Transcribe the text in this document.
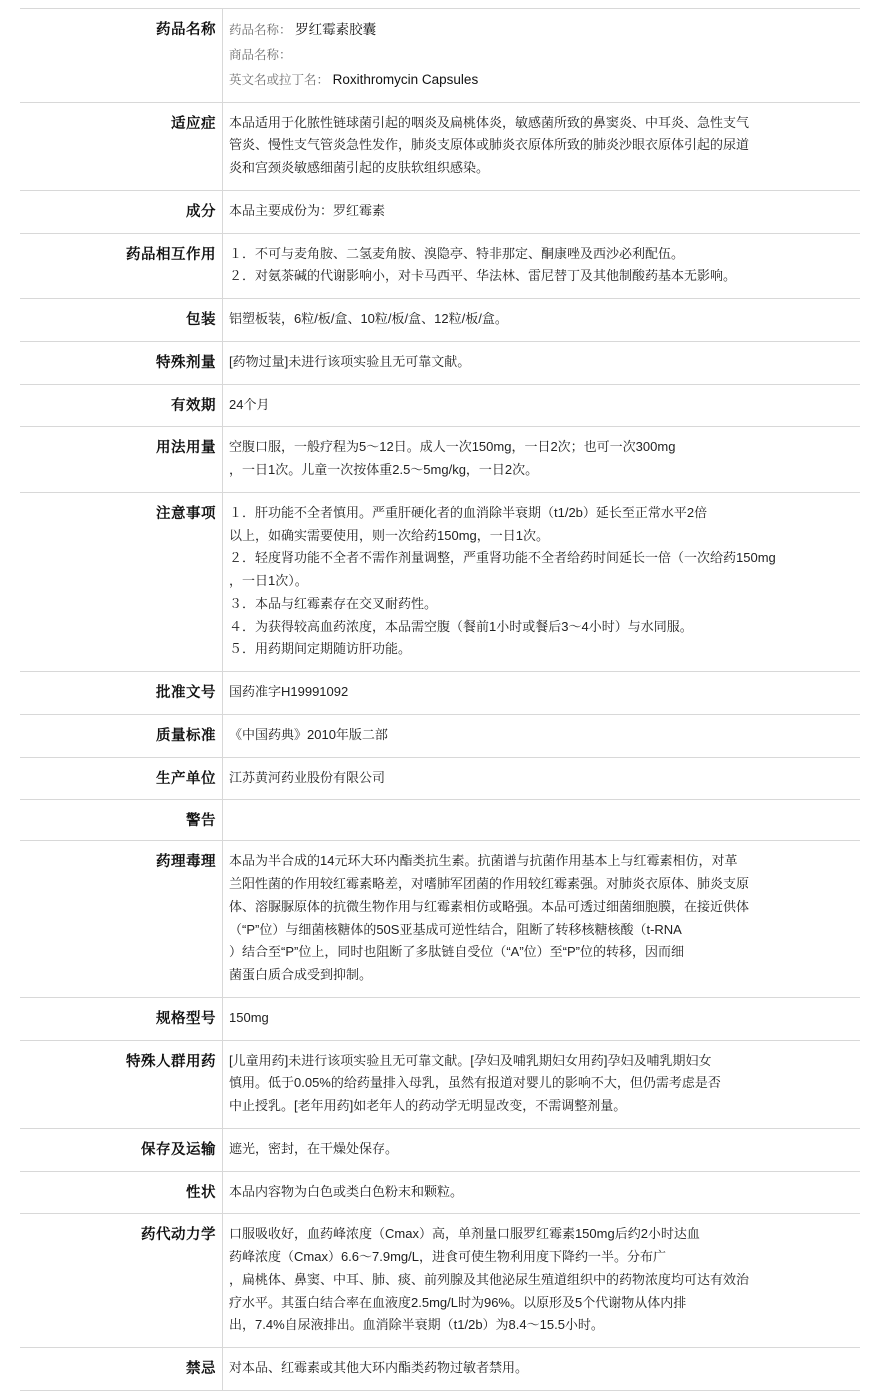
药品名称	药品名称： 罗红霉素胶囊
商品名称：
英文名或拉丁名： Roxithromycin Capsules

适应症	本品适用于化脓性链球菌引起的咽炎及扁桃体炎，敏感菌所致的鼻窦炎、中耳炎、急性支气
管炎、慢性支气管炎急性发作，肺炎支原体或肺炎衣原体所致的肺炎沙眼衣原体引起的尿道
炎和宫颈炎敏感细菌引起的皮肤软组织感染。

成分	本品主要成份为：罗红霉素

药品相互作用	１．不可与麦角胺、二氢麦角胺、溴隐亭、特非那定、酮康唑及西沙必利配伍。
２．对氨茶碱的代谢影响小，对卡马西平、华法林、雷尼替丁及其他制酸药基本无影响。

包装	铝塑板装，6粒/板/盒、10粒/板/盒、12粒/板/盒。

特殊剂量	[药物过量]未进行该项实验且无可靠文献。

有效期	24个月

用法用量	空腹口服，一般疗程为5～12日。成人一次150mg，一日2次；也可一次300mg
，一日1次。儿童一次按体重2.5～5mg/kg，一日2次。

注意事项	１．肝功能不全者慎用。严重肝硬化者的血消除半衰期（t1/2b）延长至正常水平2倍
以上，如确实需要使用，则一次给药150mg，一日1次。
２．轻度肾功能不全者不需作剂量调整，严重肾功能不全者给药时间延长一倍（一次给药150mg
，一日1次）。
３．本品与红霉素存在交叉耐药性。
４．为获得较高血药浓度，本品需空腹（餐前1小时或餐后3～4小时）与水同服。
５．用药期间定期随访肝功能。

批准文号	国药准字H19991092

质量标准	《中国药典》2010年版二部

生产单位	江苏黄河药业股份有限公司

警告	

药理毒理	本品为半合成的14元环大环内酯类抗生素。抗菌谱与抗菌作用基本上与红霉素相仿，对革
兰阳性菌的作用较红霉素略差，对嗜肺军团菌的作用较红霉素强。对肺炎衣原体、肺炎支原
体、溶脲脲原体的抗微生物作用与红霉素相仿或略强。本品可透过细菌细胞膜，在接近供体
（“P”位）与细菌核糖体的50S亚基成可逆性结合，阻断了转移核糖核酸（t-RNA
）结合至“P”位上，同时也阻断了多肽链自受位（“A”位）至“P”位的转移，因而细
菌蛋白质合成受到抑制。

规格型号	150mg

特殊人群用药	[儿童用药]未进行该项实验且无可靠文献。[孕妇及哺乳期妇女用药]孕妇及哺乳期妇女
慎用。低于0.05%的给药量排入母乳，虽然有报道对婴儿的影响不大，但仍需考虑是否
中止授乳。[老年用药]如老年人的药动学无明显改变，不需调整剂量。

保存及运输	遮光，密封，在干燥处保存。

性状	本品内容物为白色或类白色粉末和颗粒。

药代动力学	口服吸收好，血药峰浓度（Cmax）高，单剂量口服罗红霉素150mg后约2小时达血
药峰浓度（Cmax）6.6～7.9mg/L，进食可使生物利用度下降约一半。分布广
，扁桃体、鼻窦、中耳、肺、痰、前列腺及其他泌尿生殖道组织中的药物浓度均可达有效治
疗水平。其蛋白结合率在血液度2.5mg/L时为96%。以原形及5个代谢物从体内排
出，7.4%自尿液排出。血消除半衰期（t1/2b）为8.4～15.5小时。

禁忌	对本品、红霉素或其他大环内酯类药物过敏者禁用。
